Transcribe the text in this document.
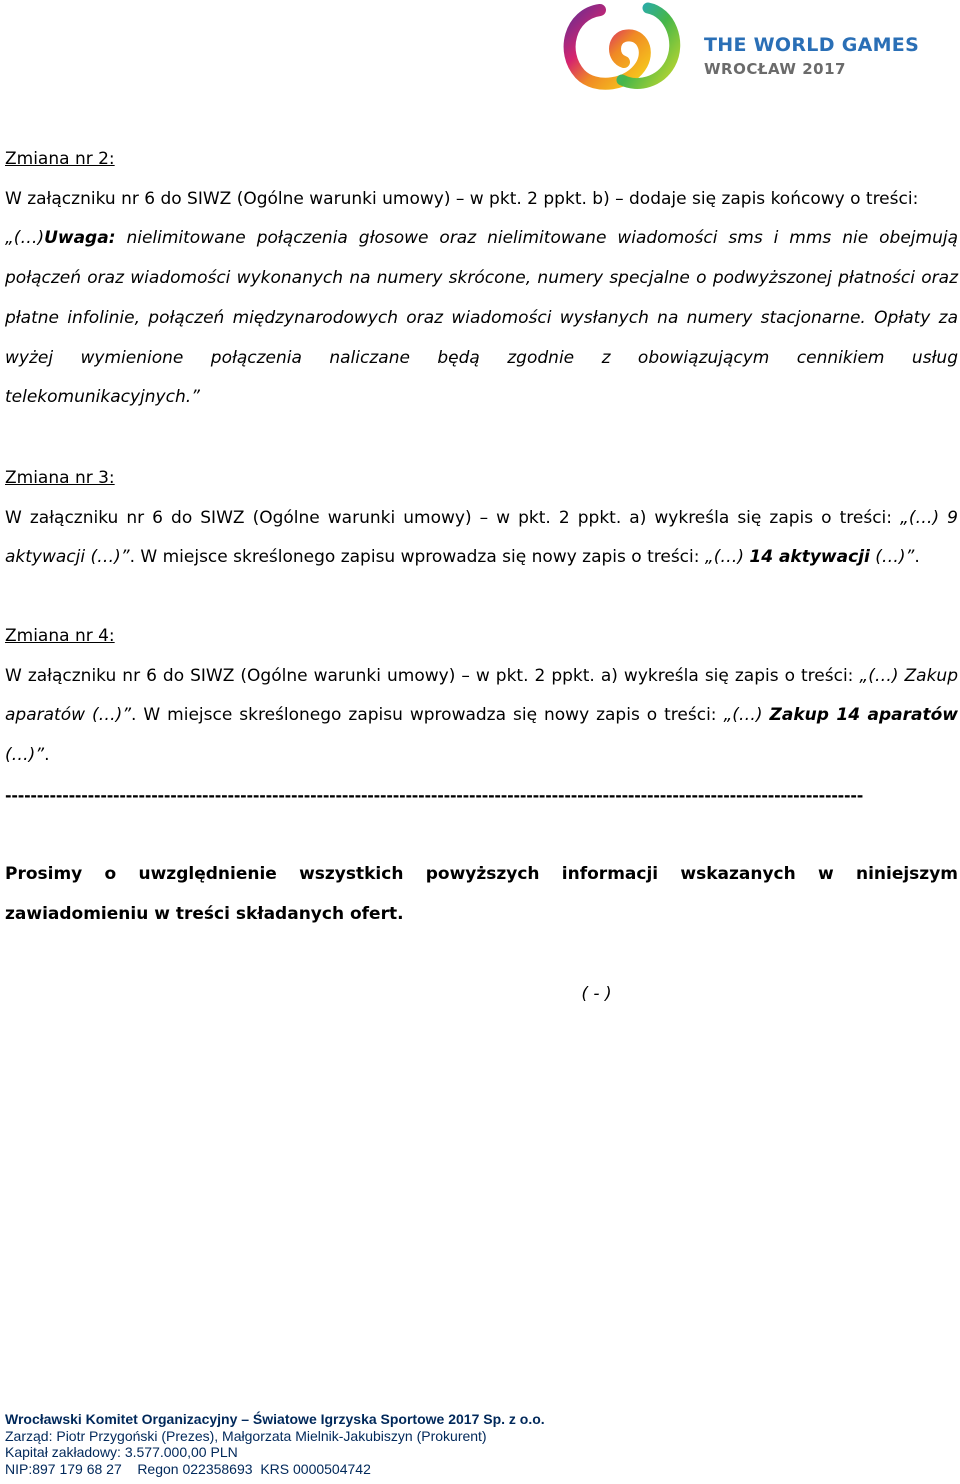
THE WORLD GAMES
WROCŁAW 2017

Zmiana nr 2:

W załączniku nr 6 do SIWZ (Ogólne warunki umowy) – w pkt. 2 ppkt. b) – dodaje się zapis końcowy o treści:

„(…)Uwaga: nielimitowane połączenia głosowe oraz nielimitowane wiadomości sms i mms nie obejmują połączeń oraz wiadomości wykonanych na numery skrócone, numery specjalne o podwyższonej płatności oraz płatne infolinie, połączeń międzynarodowych oraz wiadomości wysłanych na numery stacjonarne. Opłaty za wyżej wymienione połączenia naliczane będą zgodnie z obowiązującym cennikiem usług telekomunikacyjnych.”

Zmiana nr 3:

W załączniku nr 6 do SIWZ (Ogólne warunki umowy) – w pkt. 2 ppkt. a) wykreśla się zapis o treści: „(…) 9 aktywacji (…)”. W miejsce skreślonego zapisu wprowadza się nowy zapis o treści: „(…) 14 aktywacji (…)”.

Zmiana nr 4:

W załączniku nr 6 do SIWZ (Ogólne warunki umowy) – w pkt. 2 ppkt. a) wykreśla się zapis o treści: „(…) Zakup aparatów (…)”. W miejsce skreślonego zapisu wprowadza się nowy zapis o treści: „(…) Zakup 14 aparatów (…)”.

---------------------------------------------------------------------------------------------------------------------------------------

Prosimy o uwzględnienie wszystkich powyższych informacji wskazanych w niniejszym zawiadomieniu w treści składanych ofert.

( - )

Wrocławski Komitet Organizacyjny – Światowe Igrzyska Sportowe 2017 Sp. z o.o.
Zarząd: Piotr Przygoński (Prezes), Małgorzata Mielnik-Jakubiszyn (Prokurent)
Kapitał zakładowy: 3.577.000,00 PLN
NIP:897 179 68 27    Regon 022358693  KRS 0000504742
